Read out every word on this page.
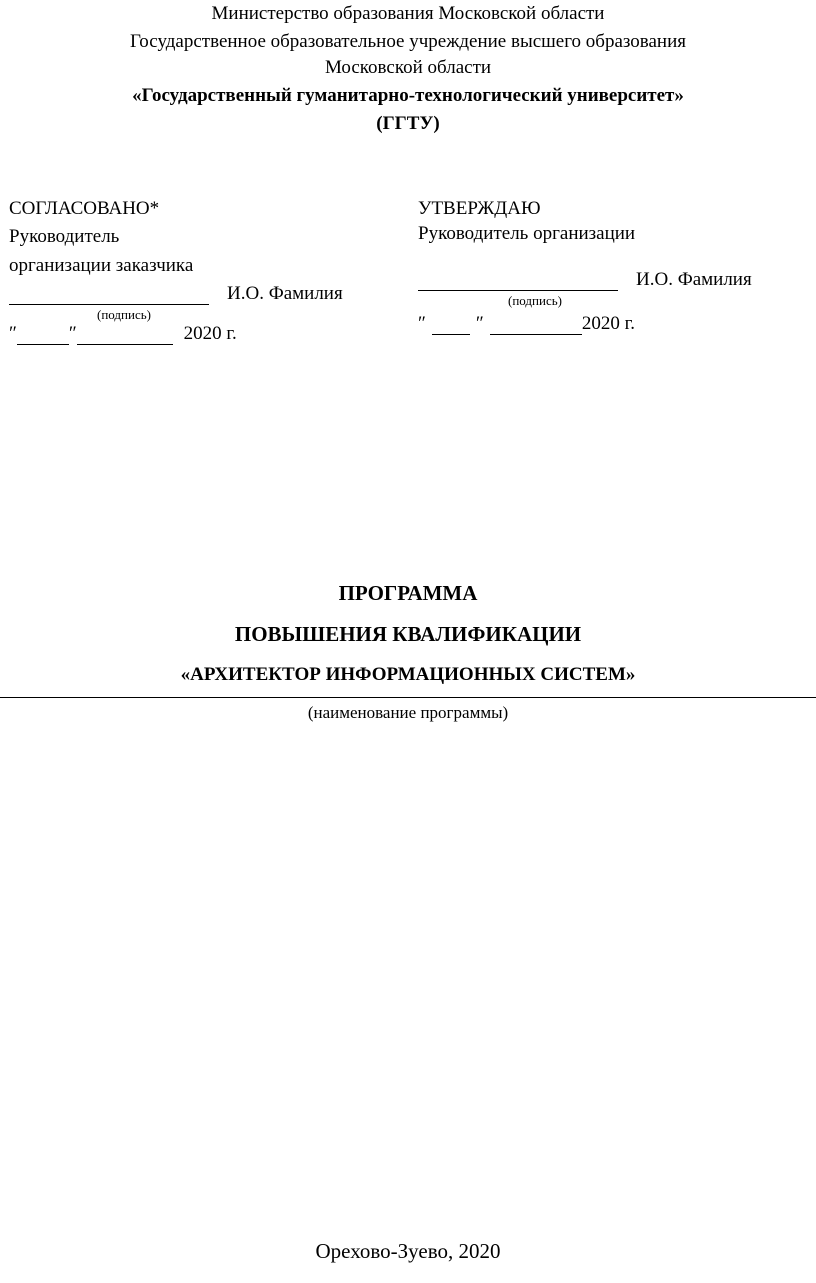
Министерство образования Московской области
Государственное образовательное учреждение высшего образования
Московской области
«Государственный гуманитарно-технологический университет»
(ГГТУ)
СОГЛАСОВАНО*
Руководитель
организации заказчика
И.О. Фамилия
(подпись)
″	″	2020 г.
УТВЕРЖДАЮ
Руководитель организации
И.О. Фамилия
(подпись)
″	″	2020 г.
ПРОГРАММА
ПОВЫШЕНИЯ КВАЛИФИКАЦИИ
«АРХИТЕКТОР ИНФОРМАЦИОННЫХ СИСТЕМ»
(наименование программы)
Орехово-Зуево, 2020
